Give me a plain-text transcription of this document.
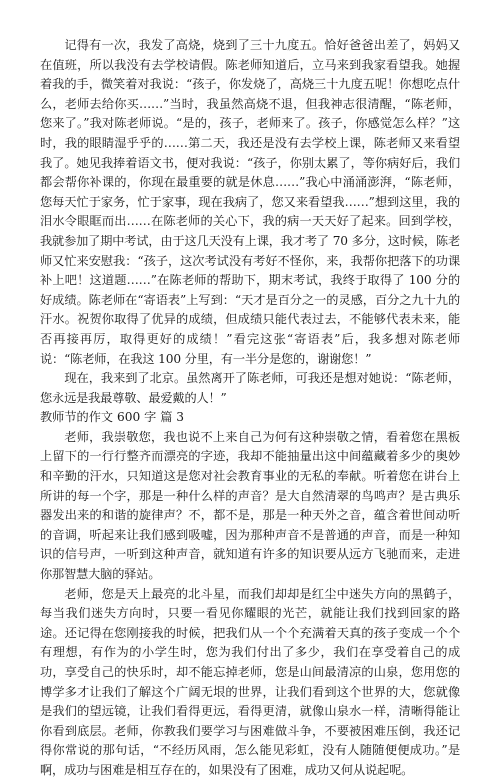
记得有一次，我发了高烧，烧到了三十九度五。恰好爸爸出差了，妈妈又在值班，所以我没有去学校请假。陈老师知道后，立马来到我家看望我。她握着我的手，微笑着对我说：“孩子，你发烧了，高烧三十九度五呢！你想吃点什么，老师去给你买……”当时，我虽然高烧不退，但我神志很清醒，“陈老师，您来了。”我对陈老师说。“是的，孩子，老师来了。孩子，你感觉怎么样？”这时，我的眼睛湿乎乎的……第二天，我还是没有去学校上课，陈老师又来看望我了。她见我捧着语文书，便对我说：“孩子，你别太累了，等你病好后，我们都会帮你补课的，你现在最重要的就是休息……”我心中涌涌澎湃，“陈老师，您每天忙于家务，忙于家事，现在我病了，您又来看望我……”想到这里，我的泪水令眼眶而出……在陈老师的关心下，我的病一天天好了起来。回到学校，我就参加了期中考试，由于这几天没有上课，我才考了 70 多分，这时候，陈老师又忙来安慰我：“孩子，这次考试没有考好不怪你，来，我帮你把落下的功课补上吧！这道题……”在陈老师的帮助下，期末考试，我终于取得了 100 分的好成绩。陈老师在“寄语表”上写到：“天才是百分之一的灵感，百分之九十九的汗水。祝贺你取得了优异的成绩，但成绩只能代表过去，不能够代表未来，能否再接再厉，取得更好的成绩！”看完这张“寄语表”后，我多想对陈老师说：“陈老师，在我这 100 分里，有一半分是您的，谢谢您！”

现在，我来到了北京。虽然离开了陈老师，可我还是想对她说：“陈老师，您永远是我最尊敬、最爱戴的人！”

教师节的作文 600 字 篇 3

老师，我崇敬您，我也说不上来自己为何有这种崇敬之情，看着您在黑板上留下的一行行整齐而漂亮的字迹，我却不能抽量出这中间蕴藏着多少的奥妙和辛勤的汗水，只知道这是您对社会教育事业的无私的奉献。听着您在讲台上所讲的每一个字，那是一种什么样的声音？是大自然清翠的鸟鸣声？是古典乐器发出来的和谐的旋律声？不，都不是，那是一种天外之音，蕴含着世间动听的音调，听起来让我们感到吸嘘，因为那种声音不是普通的声音，而是一种知识的信号声，一听到这种声音，就知道有许多的知识要从远方飞驰而来，走进你那智慧大脑的驿站。

老师，您是天上最亮的北斗星，而我们却却是红尘中迷失方向的黑鹤子，每当我们迷失方向时，只要一看见你耀眼的光芒，就能让我们找到回家的路途。还记得在您刚接我的时候，把我们从一个个充满着天真的孩子变成一个个有理想，有作为的小学生时，您为我们付出了多少，我们在享受着自己的成功，享受自己的快乐时，却不能忘掉老师，您是山间最清凉的山泉，您用您的博学多才让我们了解这个广阔无垠的世界，让我们看到这个世界的大，您就像是我们的望远镜，让我们看得更远，看得更清，就像山泉水一样，清晰得能让你看到底层。老师，你教我们要学习与困难做斗争，不要被困难压倒，我还记得你常说的那句话，“不经历风雨，怎么能见彩虹，没有人随随便便成功。”是啊，成功与困难是相互存在的，如果没有了困难，成功又何从说起呢。
